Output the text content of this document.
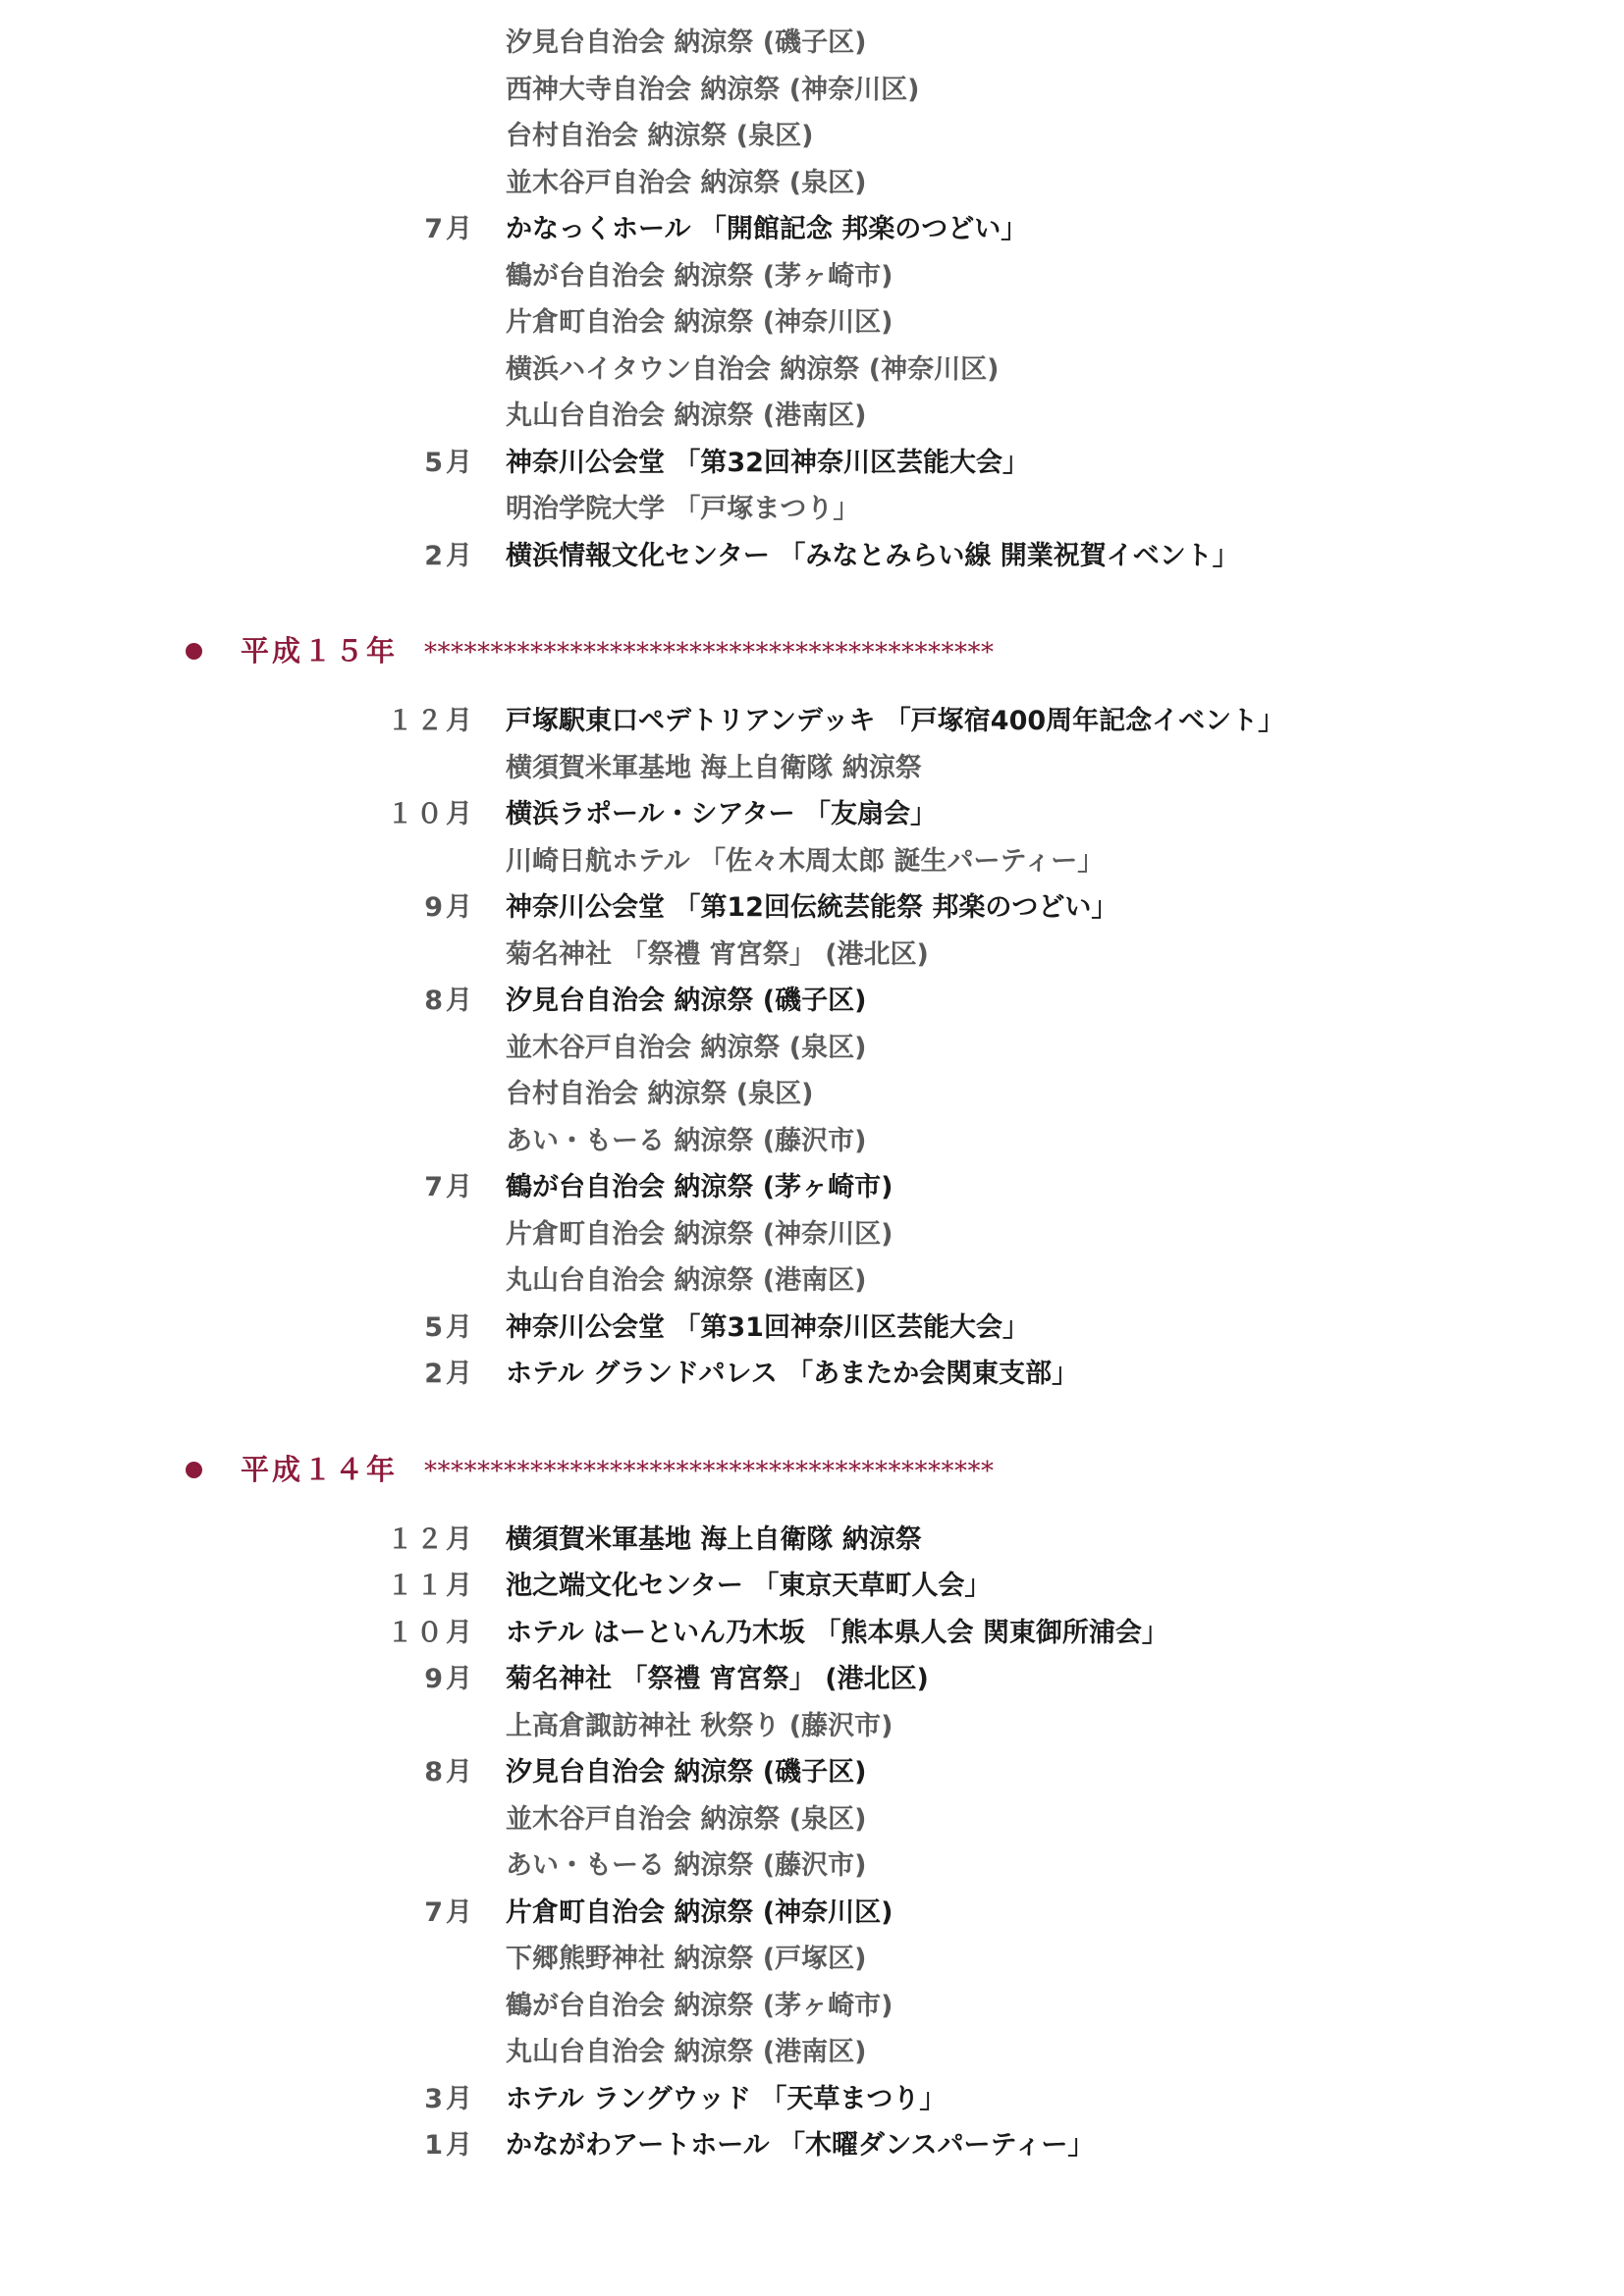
汐見台自治会 納涼祭 (磯子区)
西神大寺自治会 納涼祭 (神奈川区)
台村自治会 納涼祭 (泉区)
並木谷戸自治会 納涼祭 (泉区)
7月 かなっくホール 「開館記念 邦楽のつどい」
鶴が台自治会 納涼祭 (茅ヶ崎市)
片倉町自治会 納涼祭 (神奈川区)
横浜ハイタウン自治会 納涼祭 (神奈川区)
丸山台自治会 納涼祭 (港南区)
5月 神奈川公会堂 「第32回神奈川区芸能大会」
明治学院大学 「戸塚まつり」
2月 横浜情報文化センター 「みなとみらい線 開業祝賀イベント」
平成１５年 *******************************************
１２月 戸塚駅東口ペデトリアンデッキ 「戸塚宿400周年記念イベント」
横須賀米軍基地 海上自衛隊 納涼祭
１０月 横浜ラポール・シアター 「友扇会」
川崎日航ホテル 「佐々木周太郎 誕生パーティー」
9月 神奈川公会堂 「第12回伝統芸能祭 邦楽のつどい」
菊名神社 「祭禮 宵宮祭」 (港北区)
8月 汐見台自治会 納涼祭 (磯子区)
並木谷戸自治会 納涼祭 (泉区)
台村自治会 納涼祭 (泉区)
あい・もーる 納涼祭 (藤沢市)
7月 鶴が台自治会 納涼祭 (茅ヶ崎市)
片倉町自治会 納涼祭 (神奈川区)
丸山台自治会 納涼祭 (港南区)
5月 神奈川公会堂 「第31回神奈川区芸能大会」
2月 ホテル グランドパレス 「あまたか会関東支部」
平成１４年 *******************************************
１２月 横須賀米軍基地 海上自衛隊 納涼祭
１１月 池之端文化センター 「東京天草町人会」
１０月 ホテル はーといん乃木坂 「熊本県人会 関東御所浦会」
9月 菊名神社 「祭禮 宵宮祭」 (港北区)
上高倉諏訪神社 秋祭り (藤沢市)
8月 汐見台自治会 納涼祭 (磯子区)
並木谷戸自治会 納涼祭 (泉区)
あい・もーる 納涼祭 (藤沢市)
7月 片倉町自治会 納涼祭 (神奈川区)
下郷熊野神社 納涼祭 (戸塚区)
鶴が台自治会 納涼祭 (茅ヶ崎市)
丸山台自治会 納涼祭 (港南区)
3月 ホテル ラングウッド 「天草まつり」
1月 かながわアートホール 「木曜ダンスパーティー」
